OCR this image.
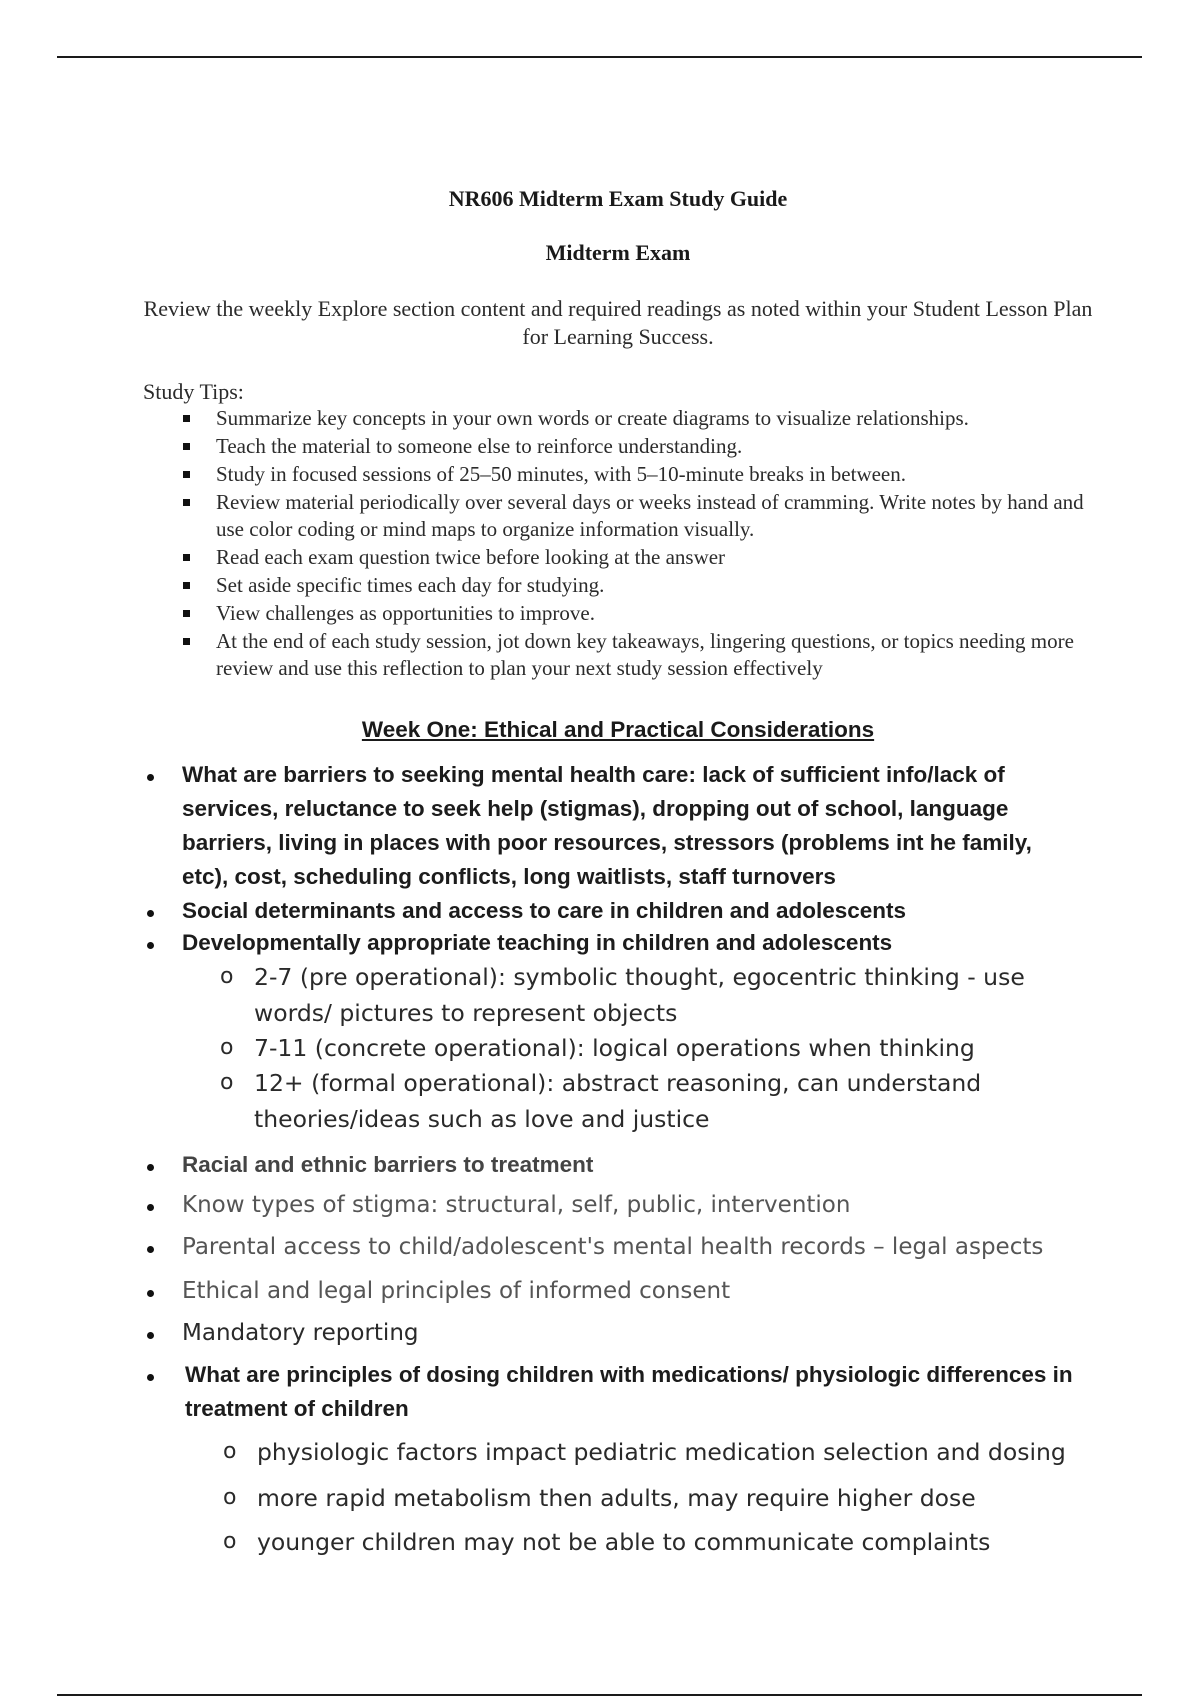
NR606 Midterm Exam Study Guide
Midterm Exam
Review the weekly Explore section content and required readings as noted within your Student Lesson Plan for Learning Success.
Study Tips:
Summarize key concepts in your own words or create diagrams to visualize relationships.
Teach the material to someone else to reinforce understanding.
Study in focused sessions of 25–50 minutes, with 5–10-minute breaks in between.
Review material periodically over several days or weeks instead of cramming. Write notes by hand and use color coding or mind maps to organize information visually.
Read each exam question twice before looking at the answer
Set aside specific times each day for studying.
View challenges as opportunities to improve.
At the end of each study session, jot down key takeaways, lingering questions, or topics needing more review and use this reflection to plan your next study session effectively
Week One: Ethical and Practical Considerations
What are barriers to seeking mental health care: lack of sufficient info/lack of services, reluctance to seek help (stigmas), dropping out of school, language barriers, living in places with poor resources, stressors (problems int he family, etc), cost, scheduling conflicts, long waitlists, staff turnovers
Social determinants and access to care in children and adolescents
Developmentally appropriate teaching in children and adolescents
o 2-7 (pre operational): symbolic thought, egocentric thinking - use words/ pictures to represent objects
o 7-11 (concrete operational): logical operations when thinking
o 12+ (formal operational): abstract reasoning, can understand theories/ideas such as love and justice
Racial and ethnic barriers to treatment
Know types of stigma: structural, self, public, intervention
Parental access to child/adolescent's mental health records – legal aspects
Ethical and legal principles of informed consent
Mandatory reporting
What are principles of dosing children with medications/ physiologic differences in treatment of children
o physiologic factors impact pediatric medication selection and dosing
o more rapid metabolism then adults, may require higher dose
o younger children may not be able to communicate complaints
